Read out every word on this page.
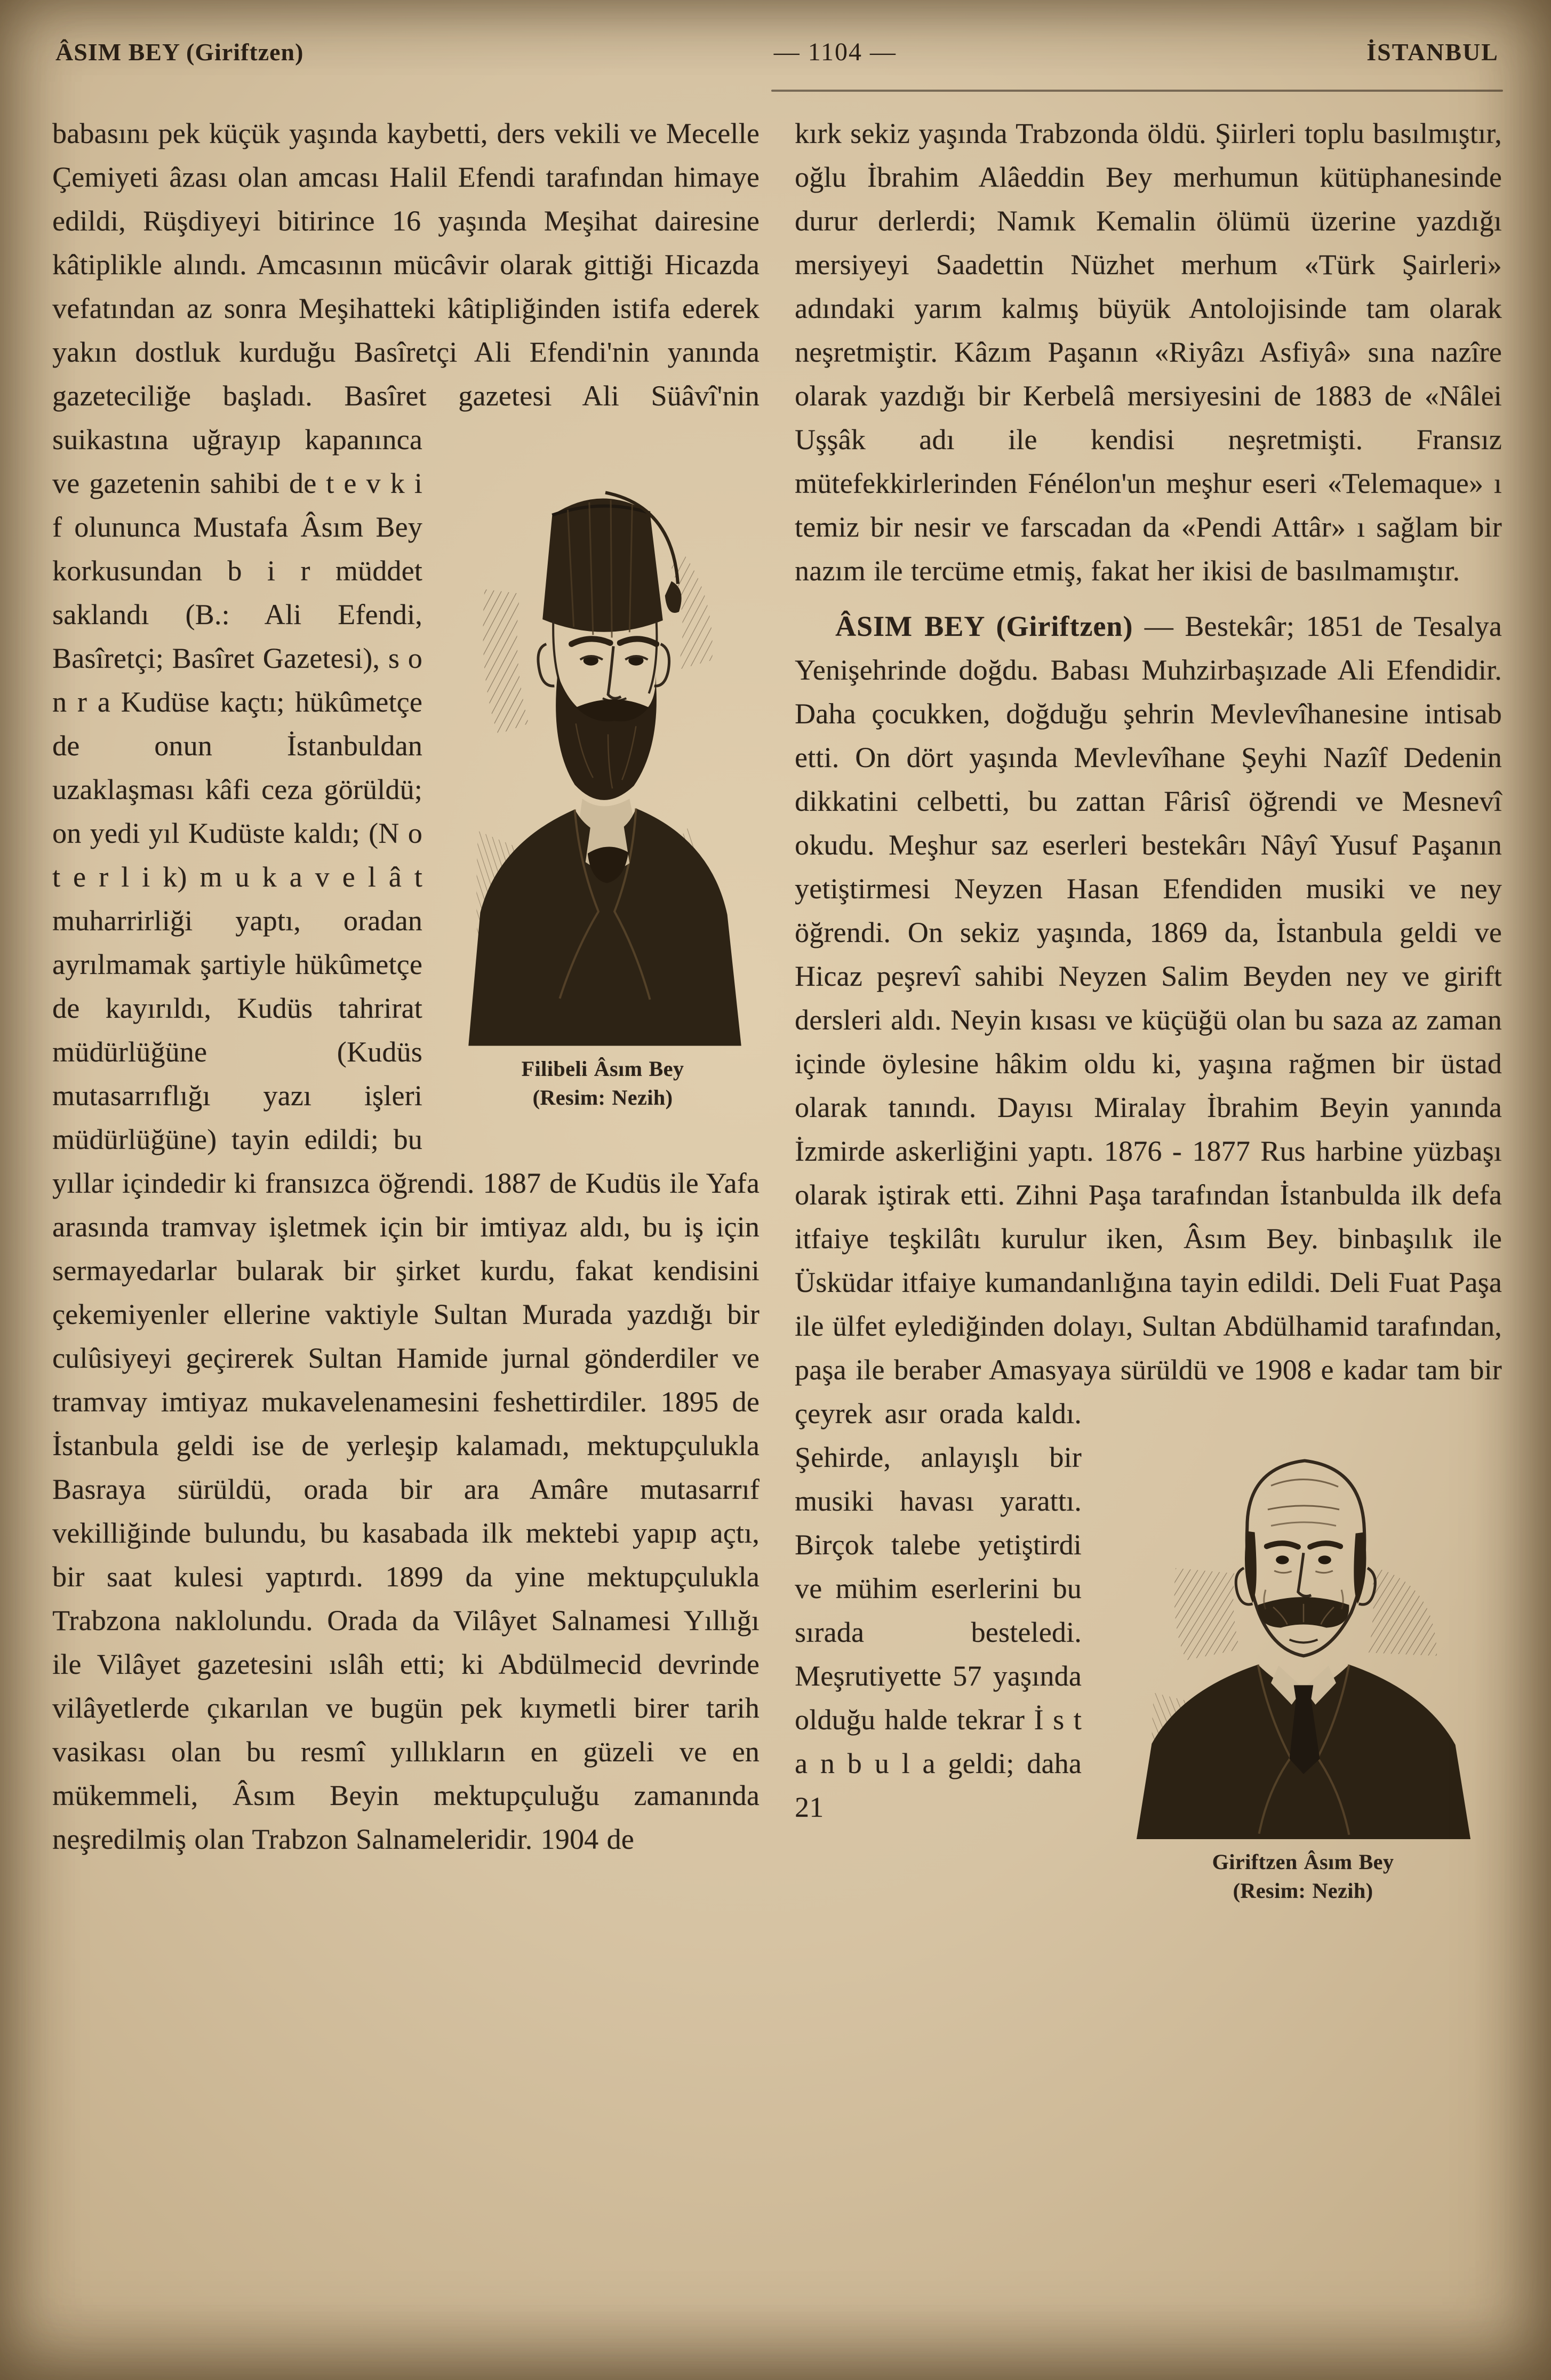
ÂSIM BEY (Giriftzen)	— 1104 —	İSTANBUL

babasını pek küçük yaşında kaybetti, ders vekili ve Mecelle Çemiyeti âzası olan amcası Halil Efendi tarafından himaye edildi, Rüşdiyeyi bitirince 16 yaşında Meşihat dairesine kâtiplikle alındı. Amcasının mücâvir olarak gittiği Hicazda vefatından az sonra Meşihatteki kâtipliğinden istifa ederek yakın dostluk kurduğu Basîretçi Ali Efendi'nin yanında gazeteciliğe başladı. Basîret gazetesi Ali Süâvî'nin
Filibeli Âsım Bey
(Resim: Nezih)
suikastına uğrayıp kapanınca ve gazetenin sahibi de t e v k i f olununca Mustafa Âsım Bey korkusundan b i r müddet saklandı (B.: Ali Efendi, Basîretçi; Basîret Gazetesi), s o n r a Kudüse kaçtı; hükûmetçe de onun İstanbuldan uzaklaşması kâfi ceza görüldü; on yedi yıl Kudüste kaldı; (N o t e r l i k) m u k a v e l â t muharrirliği yaptı, oradan ayrılmamak şartiyle hükûmetçe de kayırıldı, Kudüs tahrirat müdürlüğüne (Kudüs mutasarrıflığı yazı işleri müdürlüğüne) tayin edildi; bu yıllar içindedir ki fransızca öğrendi. 1887 de Kudüs ile Yafa arasında tramvay işletmek için bir imtiyaz aldı, bu iş için sermayedarlar bularak bir şirket kurdu, fakat kendisini çekemiyenler ellerine vaktiyle Sultan Murada yazdığı bir culûsiyeyi geçirerek Sultan Hamide jurnal gönderdiler ve tramvay imtiyaz mukavelenamesini feshettirdiler. 1895 de İstanbula geldi ise de yerleşip kalamadı, mektupçulukla Basraya sürüldü, orada bir ara Amâre mutasarrıf vekilliğinde bulundu, bu kasabada ilk mektebi yapıp açtı, bir saat kulesi yaptırdı. 1899 da yine mektupçulukla Trabzona naklolundu. Orada da Vilâyet Salnamesi Yıllığı ile Vilâyet gazetesini ıslâh etti; ki Abdülmecid devrinde vilâyetlerde çıkarılan ve bugün pek kıymetli birer tarih vasikası olan bu resmî yıllıkların en güzeli ve en mükemmeli, Âsım Beyin mektupçuluğu zamanında neşredilmiş olan Trabzon Salnameleridir. 1904 de

kırk sekiz yaşında Trabzonda öldü. Şiirleri toplu basılmıştır, oğlu İbrahim Alâeddin Bey merhumun kütüphanesinde durur derlerdi; Namık Kemalin ölümü üzerine yazdığı mersiyeyi Saadettin Nüzhet merhum «Türk Şairleri» adındaki yarım kalmış büyük Antolojisinde tam olarak neşretmiştir. Kâzım Paşanın «Riyâzı Asfiyâ» sına nazîre olarak yazdığı bir Kerbelâ mersiyesini de 1883 de «Nâlei Uşşâk adı ile kendisi neşretmişti. Fransız mütefekkirlerinden Fénélon'un meşhur eseri «Telemaque» ı temiz bir nesir ve farscadan da «Pendi Attâr» ı sağlam bir nazım ile tercüme etmiş, fakat her ikisi de basılmamıştır.

ÂSIM BEY (Giriftzen) — Bestekâr; 1851 de Tesalya Yenişehrinde doğdu. Babası Muhzirbaşızade Ali Efendidir. Daha çocukken, doğduğu şehrin Mevlevîhanesine intisab etti. On dört yaşında Mevlevîhane Şeyhi Nazîf Dedenin dikkatini celbetti, bu zattan Fârisî öğrendi ve Mesnevî okudu. Meşhur saz eserleri bestekârı Nâyî Yusuf Paşanın yetiştirmesi Neyzen Hasan Efendiden musiki ve ney öğrendi. On sekiz yaşında, 1869 da, İstanbula geldi ve Hicaz peşrevî sahibi Neyzen Salim Beyden ney ve girift dersleri aldı. Neyin kısası ve küçüğü olan bu saza az zaman içinde öylesine hâkim oldu ki, yaşına rağmen bir üstad olarak tanındı. Dayısı Miralay İbrahim Beyin yanında İzmirde askerliğini yaptı. 1876 - 1877 Rus harbine yüzbaşı olarak iştirak etti. Zihni Paşa tarafından İstanbulda ilk defa itfaiye teşkilâtı kurulur iken, Âsım Bey. binbaşılık ile Üsküdar itfaiye kumandanlığına tayin edildi. Deli Fuat Paşa ile ülfet eylediğinden dolayı, Sultan Abdülhamid tarafından, paşa ile beraber Amasyaya sürüldü ve
Giriftzen Âsım Bey
(Resim: Nezih)
1908 e kadar tam bir çeyrek asır orada kaldı. Şehirde, anlayışlı bir musiki havası yarattı. Birçok talebe yetiştirdi ve mühim eserlerini bu sırada besteledi. Meşrutiyette 57 yaşında olduğu halde tekrar İ s t a n b u l a geldi; daha 21
